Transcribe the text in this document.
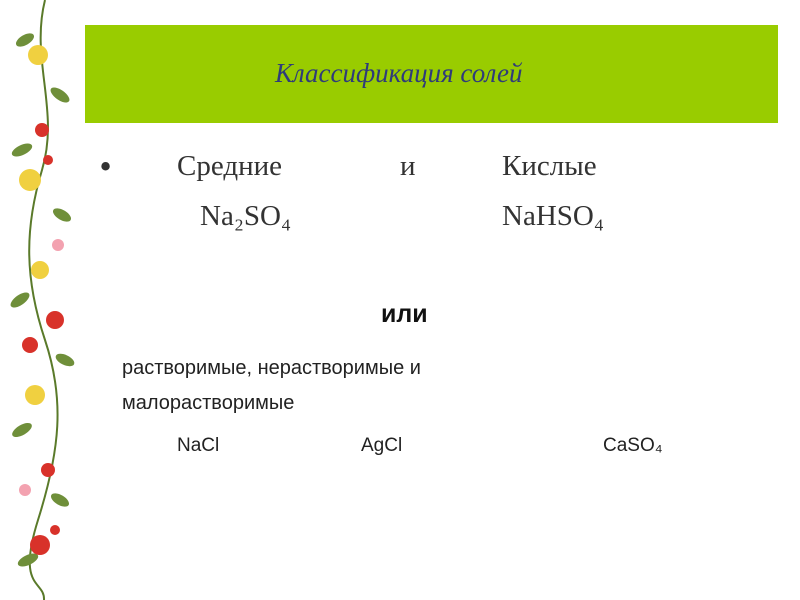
Классификация солей
• Средние	и	Кислые
Na₂SO₄	NaHSO₄
или
растворимые, нерастворимые и
малорастворимые
NaCl	AgCl	CaSO₄
